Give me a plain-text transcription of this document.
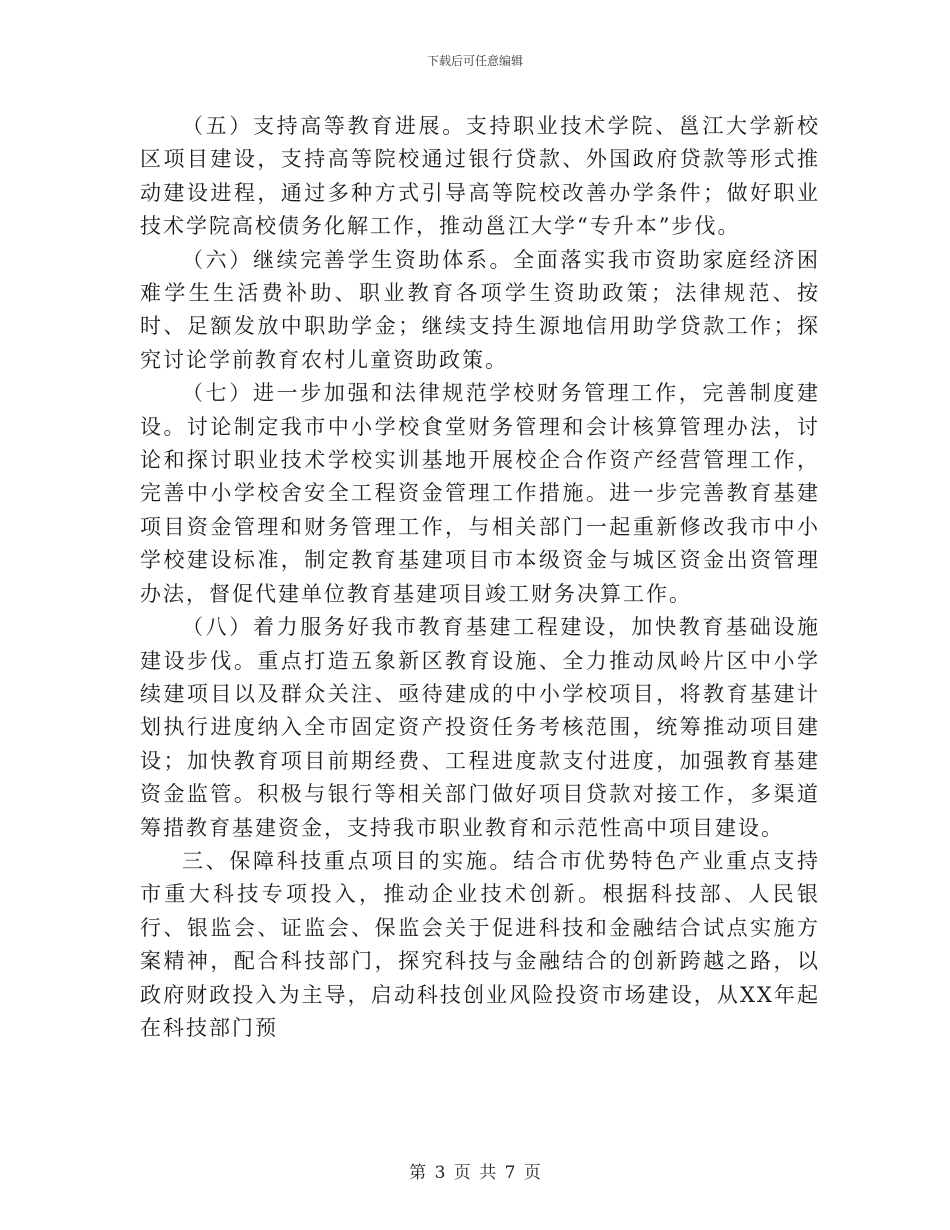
下载后可任意编辑

（五）支持高等教育进展。支持职业技术学院、邕江大学新校区项目建设，支持高等院校通过银行贷款、外国政府贷款等形式推动建设进程，通过多种方式引导高等院校改善办学条件；做好职业技术学院高校债务化解工作，推动邕江大学“专升本”步伐。

（六）继续完善学生资助体系。全面落实我市资助家庭经济困难学生生活费补助、职业教育各项学生资助政策；法律规范、按时、足额发放中职助学金；继续支持生源地信用助学贷款工作；探究讨论学前教育农村儿童资助政策。

（七）进一步加强和法律规范学校财务管理工作，完善制度建设。讨论制定我市中小学校食堂财务管理和会计核算管理办法，讨论和探讨职业技术学校实训基地开展校企合作资产经营管理工作，完善中小学校舍安全工程资金管理工作措施。进一步完善教育基建项目资金管理和财务管理工作，与相关部门一起重新修改我市中小学校建设标准，制定教育基建项目市本级资金与城区资金出资管理办法，督促代建单位教育基建项目竣工财务决算工作。

（八）着力服务好我市教育基建工程建设，加快教育基础设施建设步伐。重点打造五象新区教育设施、全力推动凤岭片区中小学续建项目以及群众关注、亟待建成的中小学校项目，将教育基建计划执行进度纳入全市固定资产投资任务考核范围，统筹推动项目建设；加快教育项目前期经费、工程进度款支付进度，加强教育基建资金监管。积极与银行等相关部门做好项目贷款对接工作，多渠道筹措教育基建资金，支持我市职业教育和示范性高中项目建设。

三、保障科技重点项目的实施。结合市优势特色产业重点支持市重大科技专项投入，推动企业技术创新。根据科技部、人民银行、银监会、证监会、保监会关于促进科技和金融结合试点实施方案精神，配合科技部门，探究科技与金融结合的创新跨越之路，以政府财政投入为主导，启动科技创业风险投资市场建设，从XX年起在科技部门预

第 3 页 共 7 页
